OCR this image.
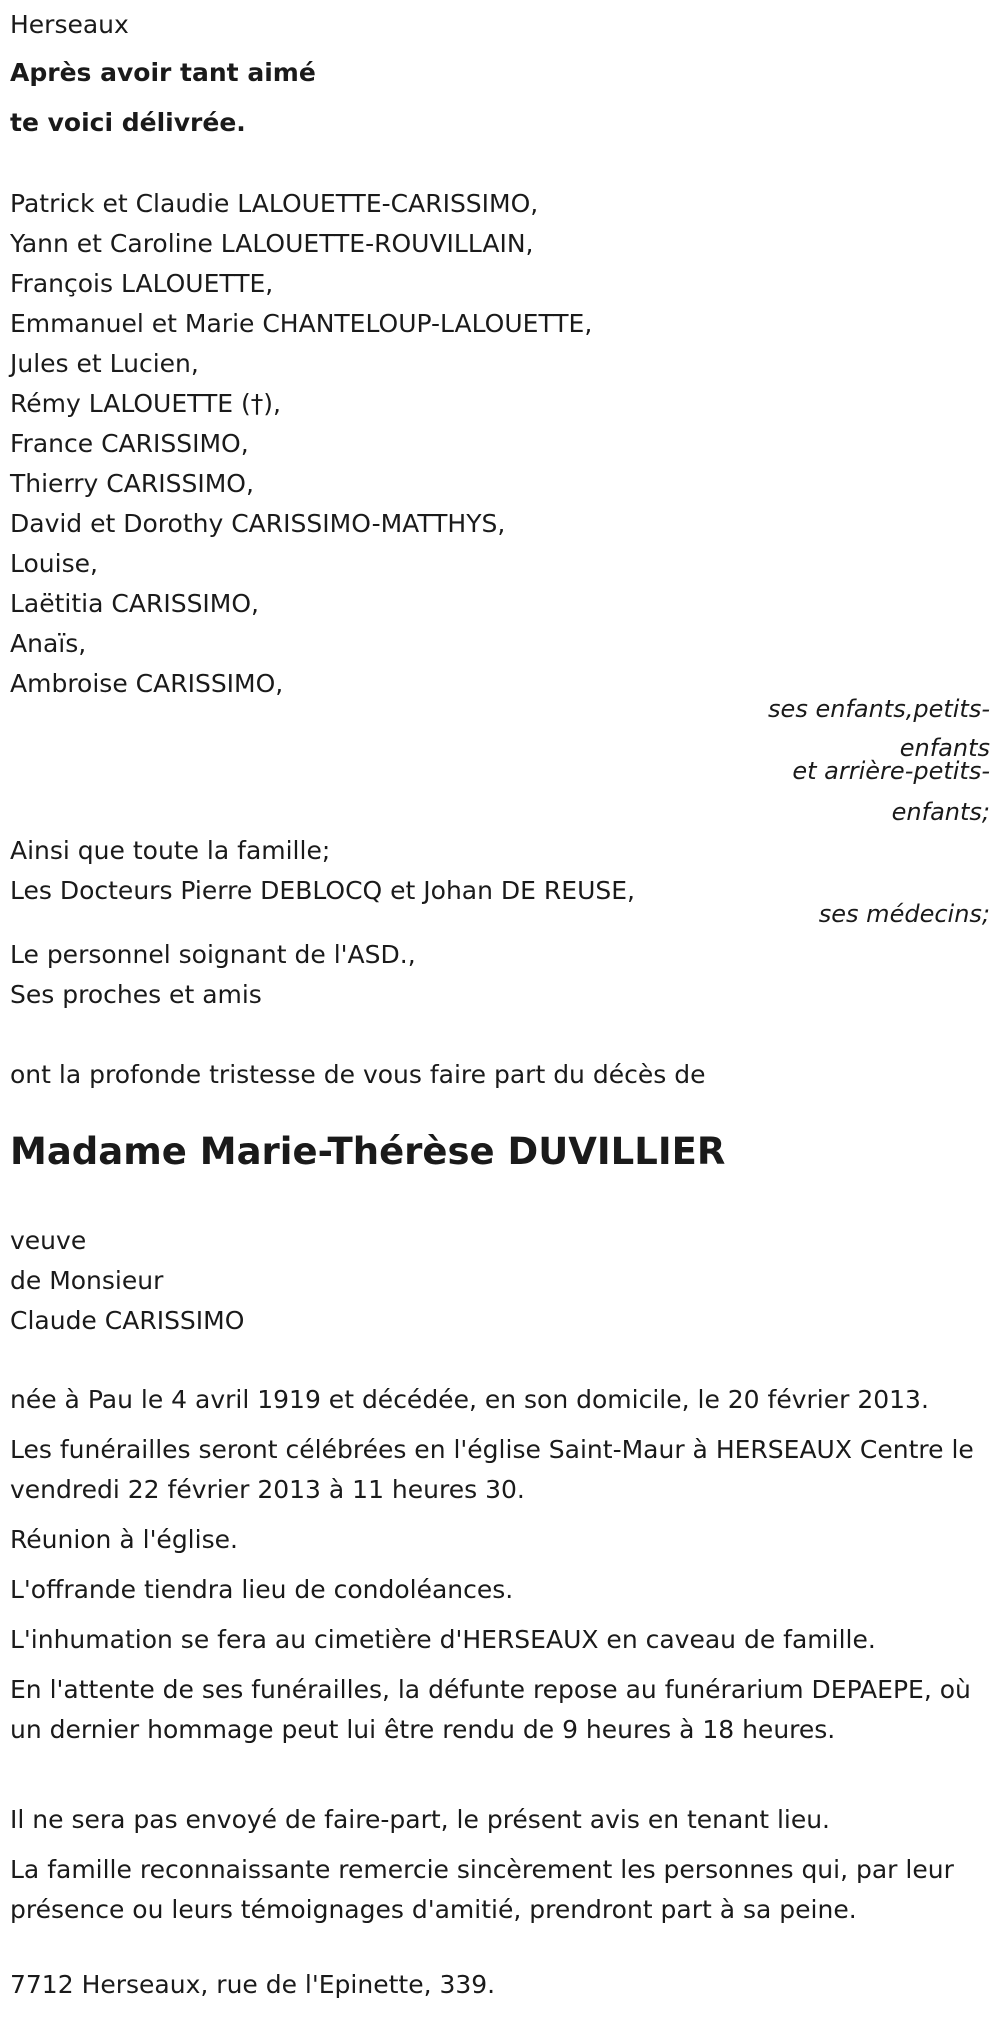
Herseaux
Après avoir tant aimé
te voici délivrée.
Patrick et Claudie LALOUETTE-CARISSIMO,
Yann et Caroline LALOUETTE-ROUVILLAIN,
François LALOUETTE,
Emmanuel et Marie CHANTELOUP-LALOUETTE,
Jules et Lucien,
Rémy LALOUETTE (†),
France CARISSIMO,
Thierry CARISSIMO,
David et Dorothy CARISSIMO-MATTHYS,
Louise,
Laëtitia CARISSIMO,
Anaïs,
Ambroise CARISSIMO,
ses enfants,petits-
enfants
et arrière-petits-
enfants;
Ainsi que toute la famille;
Les Docteurs Pierre DEBLOCQ et Johan DE REUSE,
ses médecins;
Le personnel soignant de l'ASD.,
Ses proches et amis
ont la profonde tristesse de vous faire part du décès de
Madame Marie-Thérèse DUVILLIER
veuve
de Monsieur
Claude CARISSIMO
née à Pau le 4 avril 1919 et décédée, en son domicile, le 20 février 2013.
Les funérailles seront célébrées en l'église Saint-Maur à HERSEAUX Centre le vendredi 22 février 2013 à 11 heures 30.
Réunion à l'église.
L'offrande tiendra lieu de condoléances.
L'inhumation se fera au cimetière d'HERSEAUX en caveau de famille.
En l'attente de ses funérailles, la défunte repose au funérarium DEPAEPE, où un dernier hommage peut lui être rendu de 9 heures à 18 heures.
Il ne sera pas envoyé de faire-part, le présent avis en tenant lieu.
La famille reconnaissante remercie sincèrement les personnes qui, par leur présence ou leurs témoignages d'amitié, prendront part à sa peine.
7712 Herseaux, rue de l'Epinette, 339.
